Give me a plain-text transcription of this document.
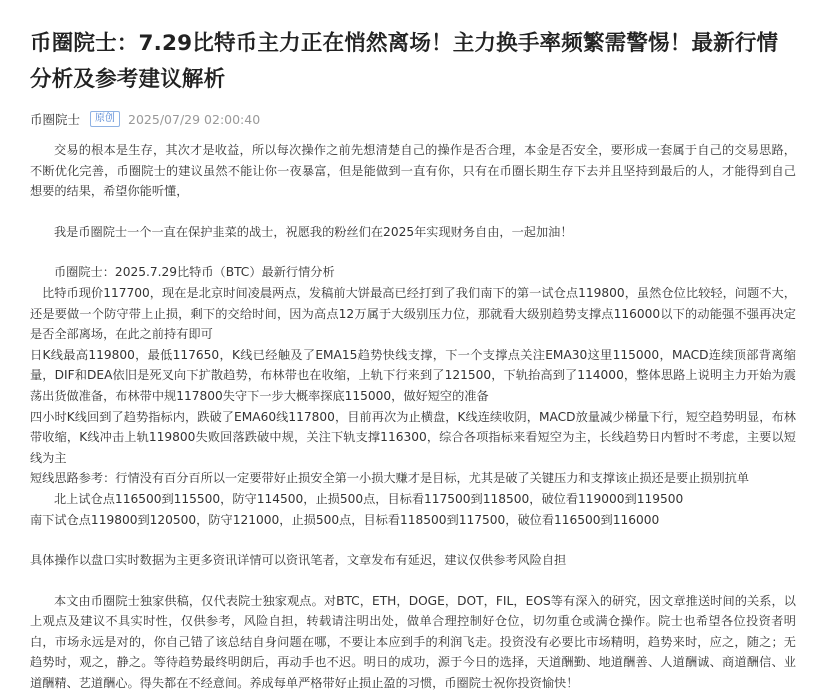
币圈院士：7.29比特币主力正在悄然离场！主力换手率频繁需警惕！最新行情分析及参考建议解析
币圈院士	原创	2025/07/29 02:00:40

交易的根本是生存，其次才是收益，所以每次操作之前先想清楚自己的操作是否合理，本金是否安全，要形成一套属于自己的交易思路，不断优化完善，币圈院士的建议虽然不能让你一夜暴富，但是能做到一直有你，只有在币圈长期生存下去并且坚持到最后的人，才能得到自己想要的结果，希望你能听懂，

我是币圈院士一个一直在保护韭菜的战士，祝愿我的粉丝们在2025年实现财务自由，一起加油！

币圈院士：2025.7.29比特币（BTC）最新行情分析

比特币现价117700，现在是北京时间凌晨两点，发稿前大饼最高已经打到了我们南下的第一试仓点119800，虽然仓位比较轻，问题不大，还是要做一个防守带上止损，剩下的交给时间，因为高点12万属于大级别压力位，那就看大级别趋势支撑点116000以下的动能强不强再决定是否全部离场，在此之前持有即可

日K线最高119800，最低117650，K线已经触及了EMA15趋势快线支撑，下一个支撑点关注EMA30这里115000，MACD连续顶部背离缩量，DIF和DEA依旧是死叉向下扩散趋势，布林带也在收缩，上轨下行来到了121500，下轨抬高到了114000，整体思路上说明主力开始为震荡出货做准备，布林带中规117800失守下一步大概率探底115000，做好短空的准备

四小时K线回到了趋势指标内，跌破了EMA60线117800，目前再次为止横盘，K线连续收阴，MACD放量减少梯量下行，短空趋势明显，布林带收缩，K线冲击上轨119800失败回落跌破中规，关注下轨支撑116300，综合各项指标来看短空为主，长线趋势日内暂时不考虑，主要以短线为主

短线思路参考：行情没有百分百所以一定要带好止损安全第一小损大赚才是目标，尤其是破了关键压力和支撑该止损还是要止损别抗单

北上试仓点116500到115500，防守114500，止损500点，目标看117500到118500，破位看119000到119500

南下试仓点119800到120500，防守121000，止损500点，目标看118500到117500，破位看116500到116000

具体操作以盘口实时数据为主更多资讯详情可以资讯笔者，文章发布有延迟，建议仅供参考风险自担

本文由币圈院士独家供稿，仅代表院士独家观点。对BTC，ETH，DOGE，DOT，FIL，EOS等有深入的研究，因文章推送时间的关系，以上观点及建议不具实时性，仅供参考，风险自担，转载请注明出处，做单合理控制好仓位，切勿重仓或满仓操作。院士也希望各位投资者明白，市场永远是对的，你自己错了该总结自身问题在哪，不要让本应到手的利润飞走。投资没有必要比市场精明，趋势来时，应之，随之；无趋势时，观之，静之。等待趋势最终明朗后，再动手也不迟。明日的成功，源于今日的选择，天道酬勤、地道酬善、人道酬诚、商道酬信、业道酬精、艺道酬心。得失都在不经意间。养成每单严格带好止损止盈的习惯，币圈院士祝你投资愉快！
